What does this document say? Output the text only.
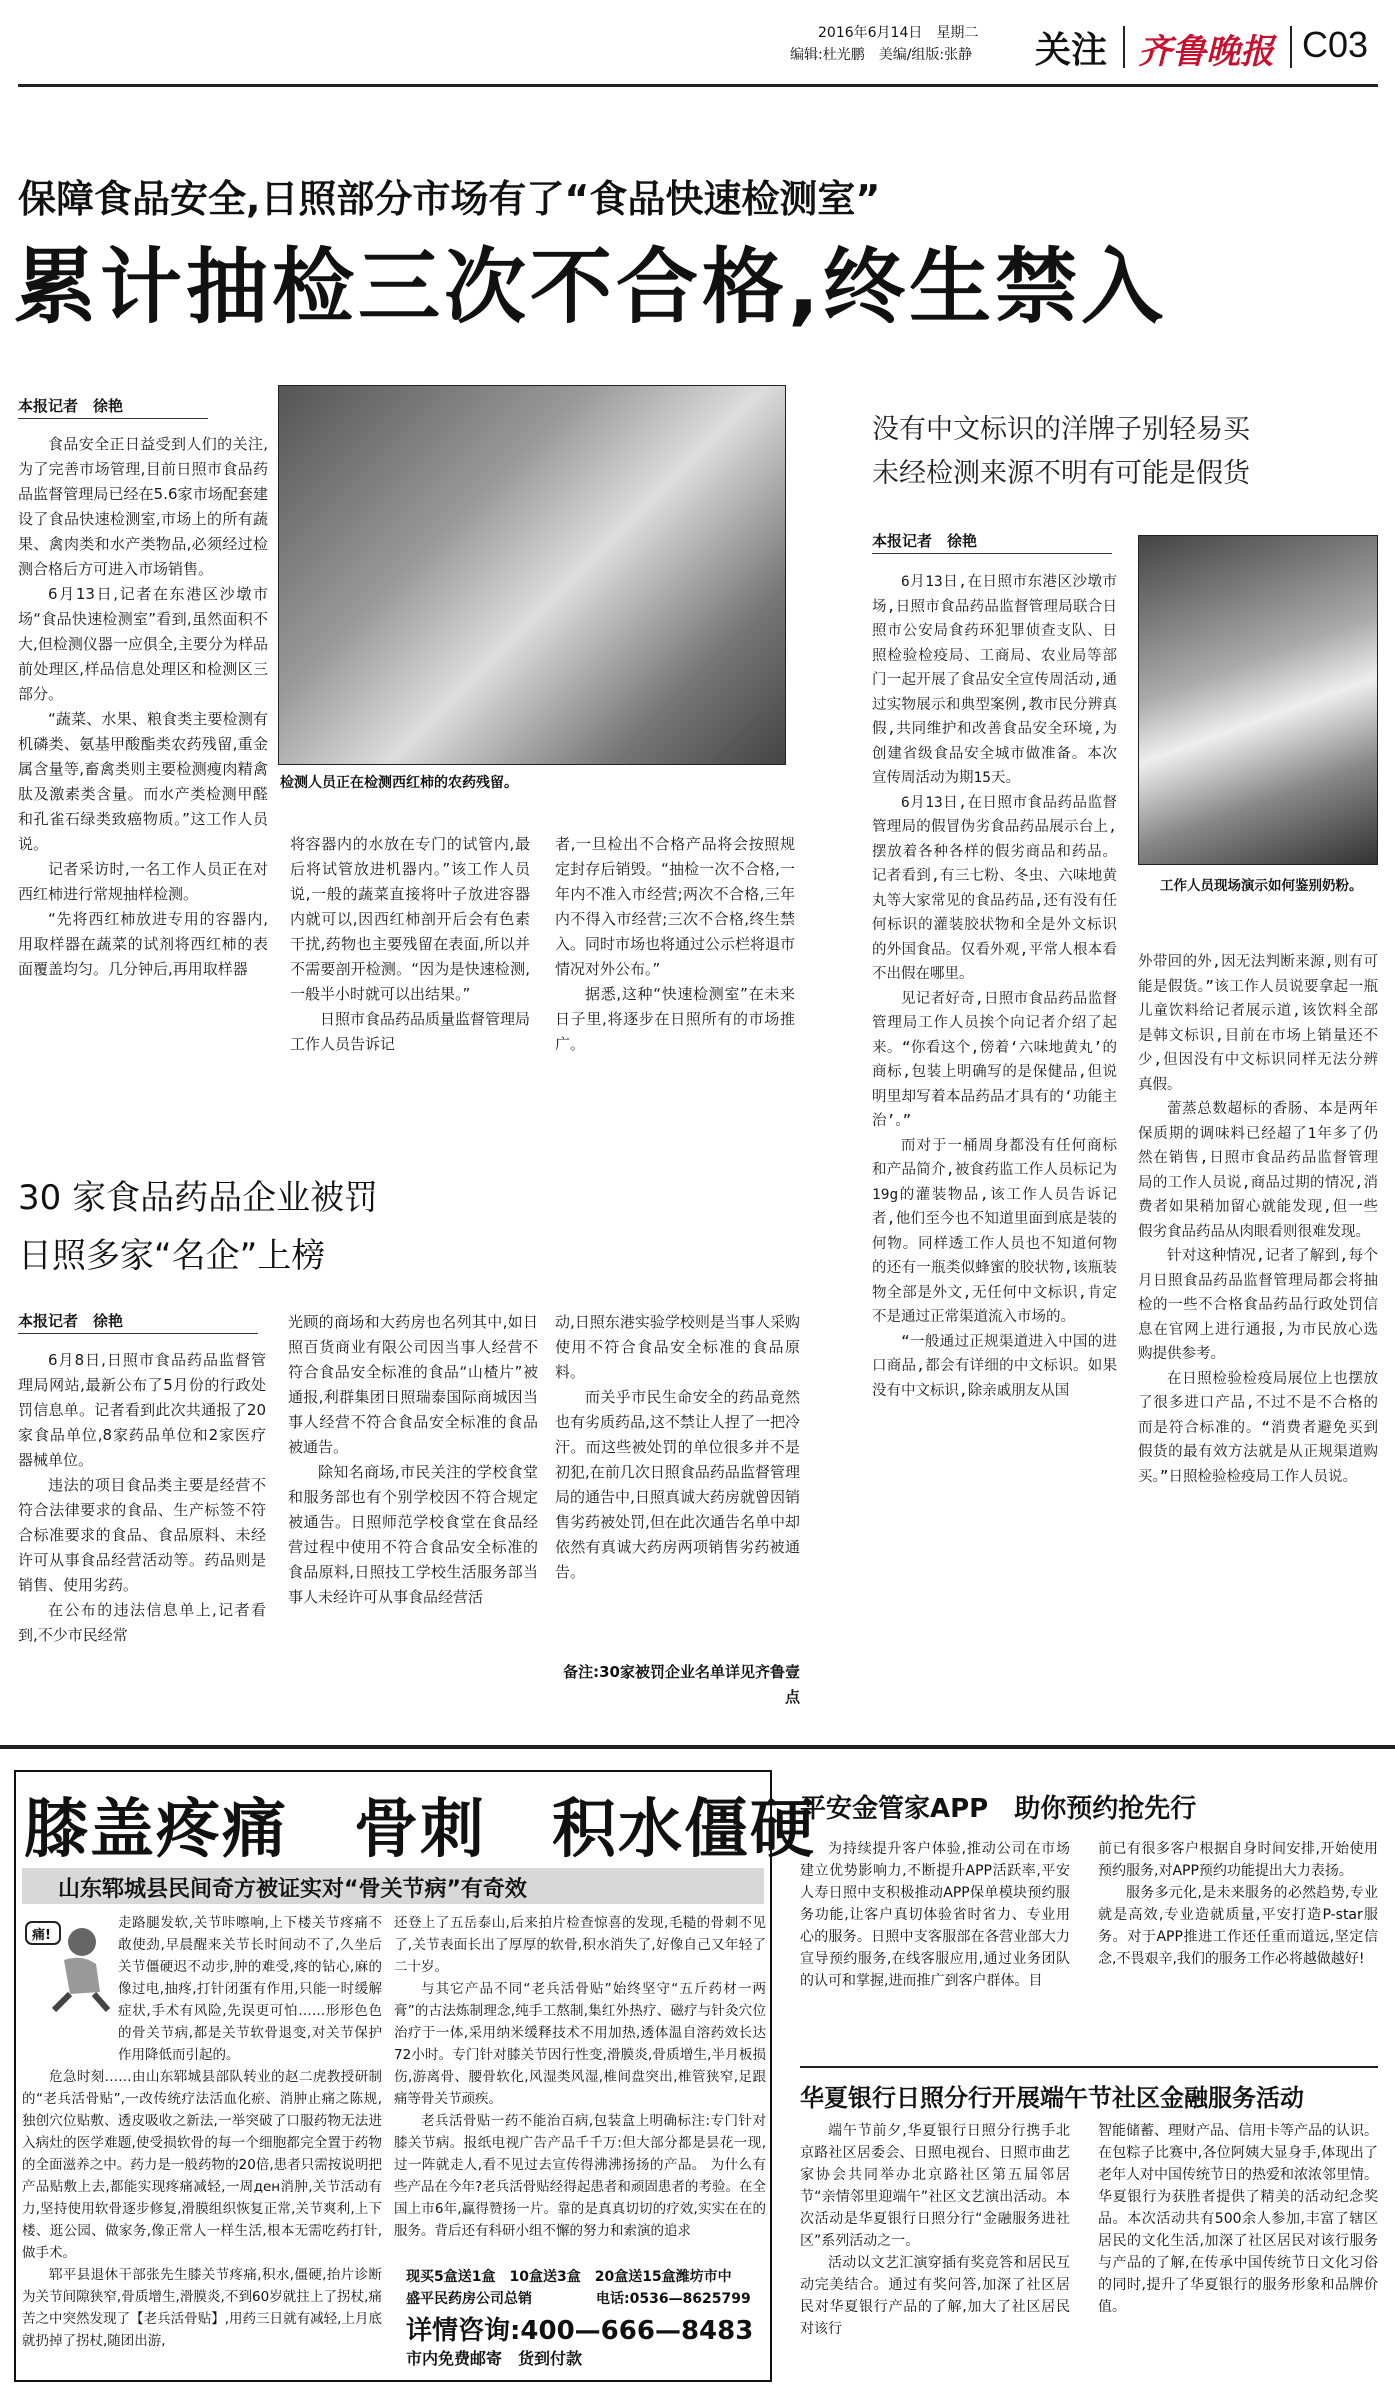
2016年6月14日　星期二
编辑:杜光鹏　美编/组版:张静 关注 齐鲁晚报 C03
保障食品安全,日照部分市场有了“食品快速检测室”
累计抽检三次不合格,终生禁入
本报记者　徐艳

食品安全正日益受到人们的关注,为了完善市场管理,目前日照市食品药品监督管理局已经在5.6家市场配套建设了食品快速检测室,市场上的所有蔬果、禽肉类和水产类物品,必须经过检测合格后方可进入市场销售。

6月13日,记者在东港区沙墩市场“食品快速检测室”看到,虽然面积不大,但检测仪器一应俱全,主要分为样品前处理区,样品信息处理区和检测区三部分。

“蔬菜、水果、粮食类主要检测有机磷类、氨基甲酸酯类农药残留,重金属含量等,畜禽类则主要检测瘦肉精禽肽及激素类含量。而水产类检测甲醛和孔雀石绿类致癌物质。”这工作人员说。

记者采访时,一名工作人员正在对西红柿进行常规抽样检测。

“先将西红柿放进专用的容器内,用取样器在蔬菜的试剂将西红柿的表面覆盖均匀。几分钟后,再用取样器

检测人员正在检测西红柿的农药残留。

将容器内的水放在专门的试管内,最后将试管放进机器内。”该工作人员说,一般的蔬菜直接将叶子放进容器内就可以,因西红柿剖开后会有色素干扰,药物也主要残留在表面,所以并不需要剖开检测。“因为是快速检测,一般半小时就可以出结果。”

日照市食品药品质量监督管理局工作人员告诉记

者,一旦检出不合格产品将会按照规定封存后销毁。“抽检一次不合格,一年内不准入市经营;两次不合格,三年内不得入市经营;三次不合格,终生禁入。同时市场也将通过公示栏将退市情况对外公布。”

据悉,这种“快速检测室”在未来日子里,将逐步在日照所有的市场推广。

30 家食品药品企业被罚
日照多家“名企”上榜
本报记者　徐艳

6月8日,日照市食品药品监督管理局网站,最新公布了5月份的行政处罚信息单。记者看到此次共通报了20家食品单位,8家药品单位和2家医疗器械单位。

违法的项目食品类主要是经营不符合法律要求的食品、生产标签不符合标准要求的食品、食品原料、未经许可从事食品经营活动等。药品则是销售、使用劣药。

在公布的违法信息单上,记者看到,不少市民经常

光顾的商场和大药房也名列其中,如日照百货商业有限公司因当事人经营不符合食品安全标准的食品“山楂片”被通报,利群集团日照瑞泰国际商城因当事人经营不符合食品安全标准的食品被通告。

除知名商场,市民关注的学校食堂和服务部也有个别学校因不符合规定被通告。日照师范学校食堂在食品经营过程中使用不符合食品安全标准的食品原料,日照技工学校生活服务部当事人未经许可从事食品经营活

动,日照东港实验学校则是当事人采购使用不符合食品安全标准的食品原料。

而关乎市民生命安全的药品竟然也有劣质药品,这不禁让人捏了一把冷汗。而这些被处罚的单位很多并不是初犯,在前几次日照食品药品监督管理局的通告中,日照真诚大药房就曾因销售劣药被处罚,但在此次通告名单中却依然有真诚大药房两项销售劣药被通告。

备注:30家被罚企业名单详见齐鲁壹点
没有中文标识的洋牌子别轻易买
未经检测来源不明有可能是假货
本报记者　徐艳

6月13日,在日照市东港区沙墩市场,日照市食品药品监督管理局联合日照市公安局食药环犯罪侦查支队、日照检验检疫局、工商局、农业局等部门一起开展了食品安全宣传周活动,通过实物展示和典型案例,教市民分辨真假,共同维护和改善食品安全环境,为创建省级食品安全城市做准备。本次宣传周活动为期15天。

6月13日,在日照市食品药品监督管理局的假冒伪劣食品药品展示台上,摆放着各种各样的假劣商品和药品。记者看到,有三七粉、冬虫、六味地黄丸等大家常见的食品药品,还有没有任何标识的灌装胶状物和全是外文标识的外国食品。仅看外观,平常人根本看不出假在哪里。

见记者好奇,日照市食品药品监督管理局工作人员挨个向记者介绍了起来。“你看这个,傍着‘六味地黄丸’的商标,包装上明确写的是保健品,但说明里却写着本品药品才具有的‘功能主治’。”

而对于一桶周身都没有任何商标和产品简介,被食药监工作人员标记为19g的灌装物品,该工作人员告诉记者,他们至今也不知道里面到底是装的何物。同样透工作人员也不知道何物的还有一瓶类似蜂蜜的胶状物,该瓶装物全部是外文,无任何中文标识,肯定不是通过正常渠道流入市场的。

“一般通过正规渠道进入中国的进口商品,都会有详细的中文标识。如果没有中文标识,除亲戚朋友从国

工作人员现场演示如何鉴别奶粉。

外带回的外,因无法判断来源,则有可能是假货。”该工作人员说要拿起一瓶儿童饮料给记者展示道,该饮料全部是韩文标识,目前在市场上销量还不少,但因没有中文标识同样无法分辨真假。

蕾蒸总数超标的香肠、本是两年保质期的调味料已经超了1年多了仍然在销售,日照市食品药品监督管理局的工作人员说,商品过期的情况,消费者如果稍加留心就能发现,但一些假劣食品药品从肉眼看则很难发现。

针对这种情况,记者了解到,每个月日照食品药品监督管理局都会将抽检的一些不合格食品药品行政处罚信息在官网上进行通报,为市民放心选购提供参考。

在日照检验检疫局展位上也摆放了很多进口产品,不过不是不合格的而是符合标准的。“消费者避免买到假货的最有效方法就是从正规渠道购买。”日照检验检疫局工作人员说。

膝盖疼痛　骨刺　积水僵硬
山东郓城县民间奇方被证实对“骨关节病”有奇效
痛!

走路腿发软,关节咔嚓响,上下楼关节疼痛不敢使劲,早晨醒来关节长时间动不了,久坐后关节僵硬迟不动步,肿的难受,疼的钻心,麻的像过电,抽疼,打针闭蛋有作用,只能一时缓解症状,手术有风险,先误更可怕……形形色色的骨关节病,都是关节软骨退变,对关节保护作用降低而引起的。

危急时刻……由山东郓城县部队转业的赵二虎教授研制的“老兵活骨贴”,一改传统疗法活血化瘀、消肿止痛之陈规,独创穴位贴敷、透皮吸收之新法,一举突破了口服药物无法进入病灶的医学难题,使受损软骨的每一个细胞都完全置于药物的全面滋养之中。药力是一般药物的20倍,患者只需按说明把产品贴敷上去,都能实现疼痛减轻,一周ден消肿,关节活动有力,坚持使用软骨逐步修复,滑膜组织恢复正常,关节爽利,上下楼、逛公园、做家务,像正常人一样生活,根本无需吃药打针,做手术。

郓平县退休干部张先生膝关节疼痛,积水,僵硬,抬片诊断为关节间隙狭窄,骨质增生,滑膜炎,不到60岁就拄上了拐杖,痛苦之中突然发现了【老兵活骨贴】,用药三日就有减轻,上月底就扔掉了拐杖,随团出游,

还登上了五岳泰山,后来拍片检查惊喜的发现,毛糙的骨刺不见了,关节表面长出了厚厚的软骨,积水消失了,好像自己又年轻了二十岁。

与其它产品不同“老兵活骨贴”始终坚守“五斤药材一两膏”的古法炼制理念,纯手工熬制,集红外热疗、磁疗与针灸穴位治疗于一体,采用纳米缓释技术不用加热,透体温自溶药效长达72小时。专门针对膝关节因行性变,滑膜炎,骨质增生,半月板损伤,游离骨、腰骨软化,风湿类风湿,椎间盘突出,椎管狭窄,足跟痛等骨关节顽疾。

老兵活骨贴一药不能治百病,包装盒上明确标注:专门针对膝关节病。报纸电视广告产品千千万:但大部分都是昙花一现,过一阵就走人,看不见过去宣传得沸沸扬扬的产品。 为什么有些产品在今年?老兵活骨贴经得起患者和顽固患者的考验。在全国上市6年,赢得赞扬一片。靠的是真真切切的疗效,实实在在的服务。背后还有科研小组不懈的努力和索演的追求

现买5盒送1盒　10盒送3盒　20盒送15盒潍坊市中
盛平民药房公司总销	电话:0536—8625799
详情咨询:400—666—8483
市内免费邮寄　货到付款
平安金管家APP　助你预约抢先行

为持续提升客户体验,推动公司在市场建立优势影响力,不断提升APP活跃率,平安人寿日照中支积极推动APP保单模块预约服务功能,让客户真切体验省时省力、专业用心的服务。日照中支客服部在各营业部大力宣导预约服务,在线客服应用,通过业务团队的认可和掌握,进而推广到客户群体。目

前已有很多客户根据自身时间安排,开始使用预约服务,对APP预约功能提出大力表扬。

服务多元化,是未来服务的必然趋势,专业就是高效,专业造就质量,平安打造P-star服务。对于APP推进工作还任重而道远,坚定信念,不畏艰辛,我们的服务工作必将越做越好!

华夏银行日照分行开展端午节社区金融服务活动

端午节前夕,华夏银行日照分行携手北京路社区居委会、日照电视台、日照市曲艺家协会共同举办北京路社区第五届邻居节“亲情邻里迎端午”社区文艺演出活动。本次活动是华夏银行日照分行“金融服务进社区”系列活动之一。

活动以文艺汇演穿插有奖竞答和居民互动完美结合。通过有奖问答,加深了社区居民对华夏银行产品的了解,加大了社区居民对该行

智能储蓄、理财产品、信用卡等产品的认识。在包粽子比赛中,各位阿姨大显身手,体现出了老年人对中国传统节日的热爱和浓浓邻里情。华夏银行为获胜者提供了精美的活动纪念奖品。本次活动共有500余人参加,丰富了辖区居民的文化生活,加深了社区居民对该行服务与产品的了解,在传承中国传统节日文化习俗的同时,提升了华夏银行的服务形象和品牌价值。
